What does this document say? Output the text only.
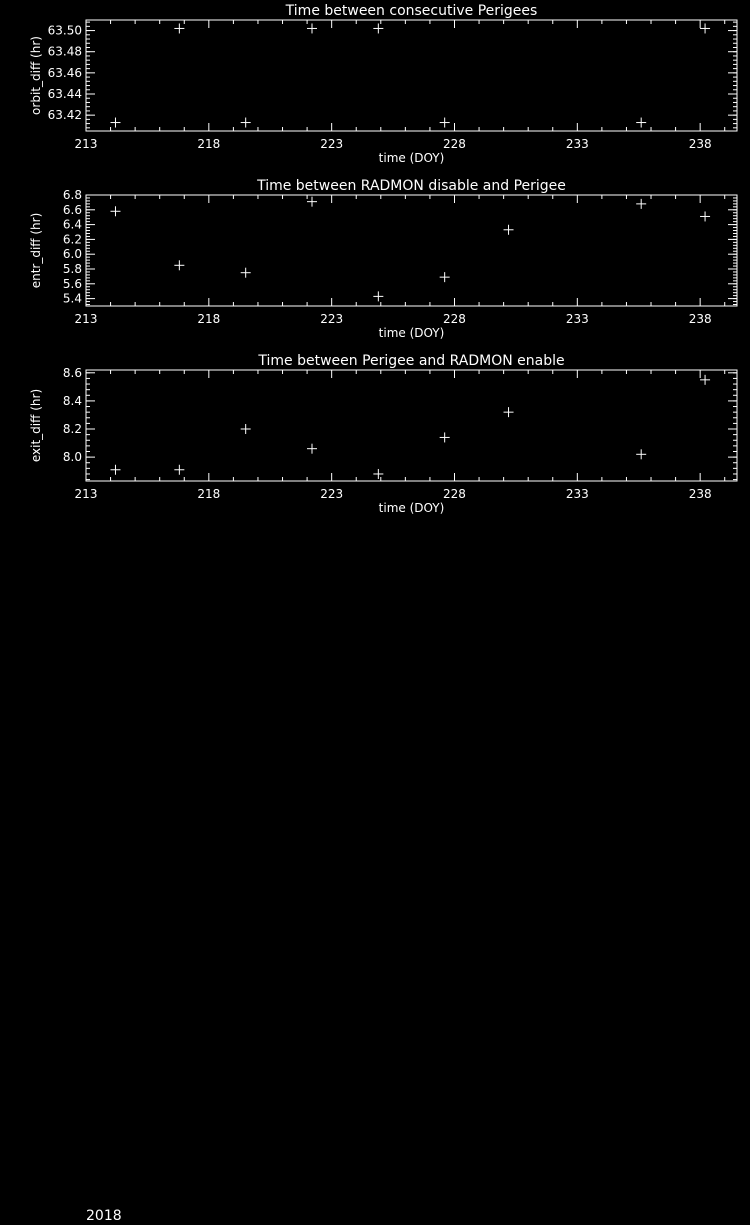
Time between consecutive Perigees
213	218	223	228	233	238
time (DOY)
63.42
63.44
63.46
63.48
63.50
orbit_diff (hr)
Time between RADMON disable and Perigee
213	218	223	228	233	238
time (DOY)
5.4
5.6
5.8
6.0
6.2
6.4
6.6
6.8
entr_diff (hr)
Time between Perigee and RADMON enable
213	218	223	228	233	238
time (DOY)
8.0
8.2
8.4
8.6
exit_diff (hr)
2018
